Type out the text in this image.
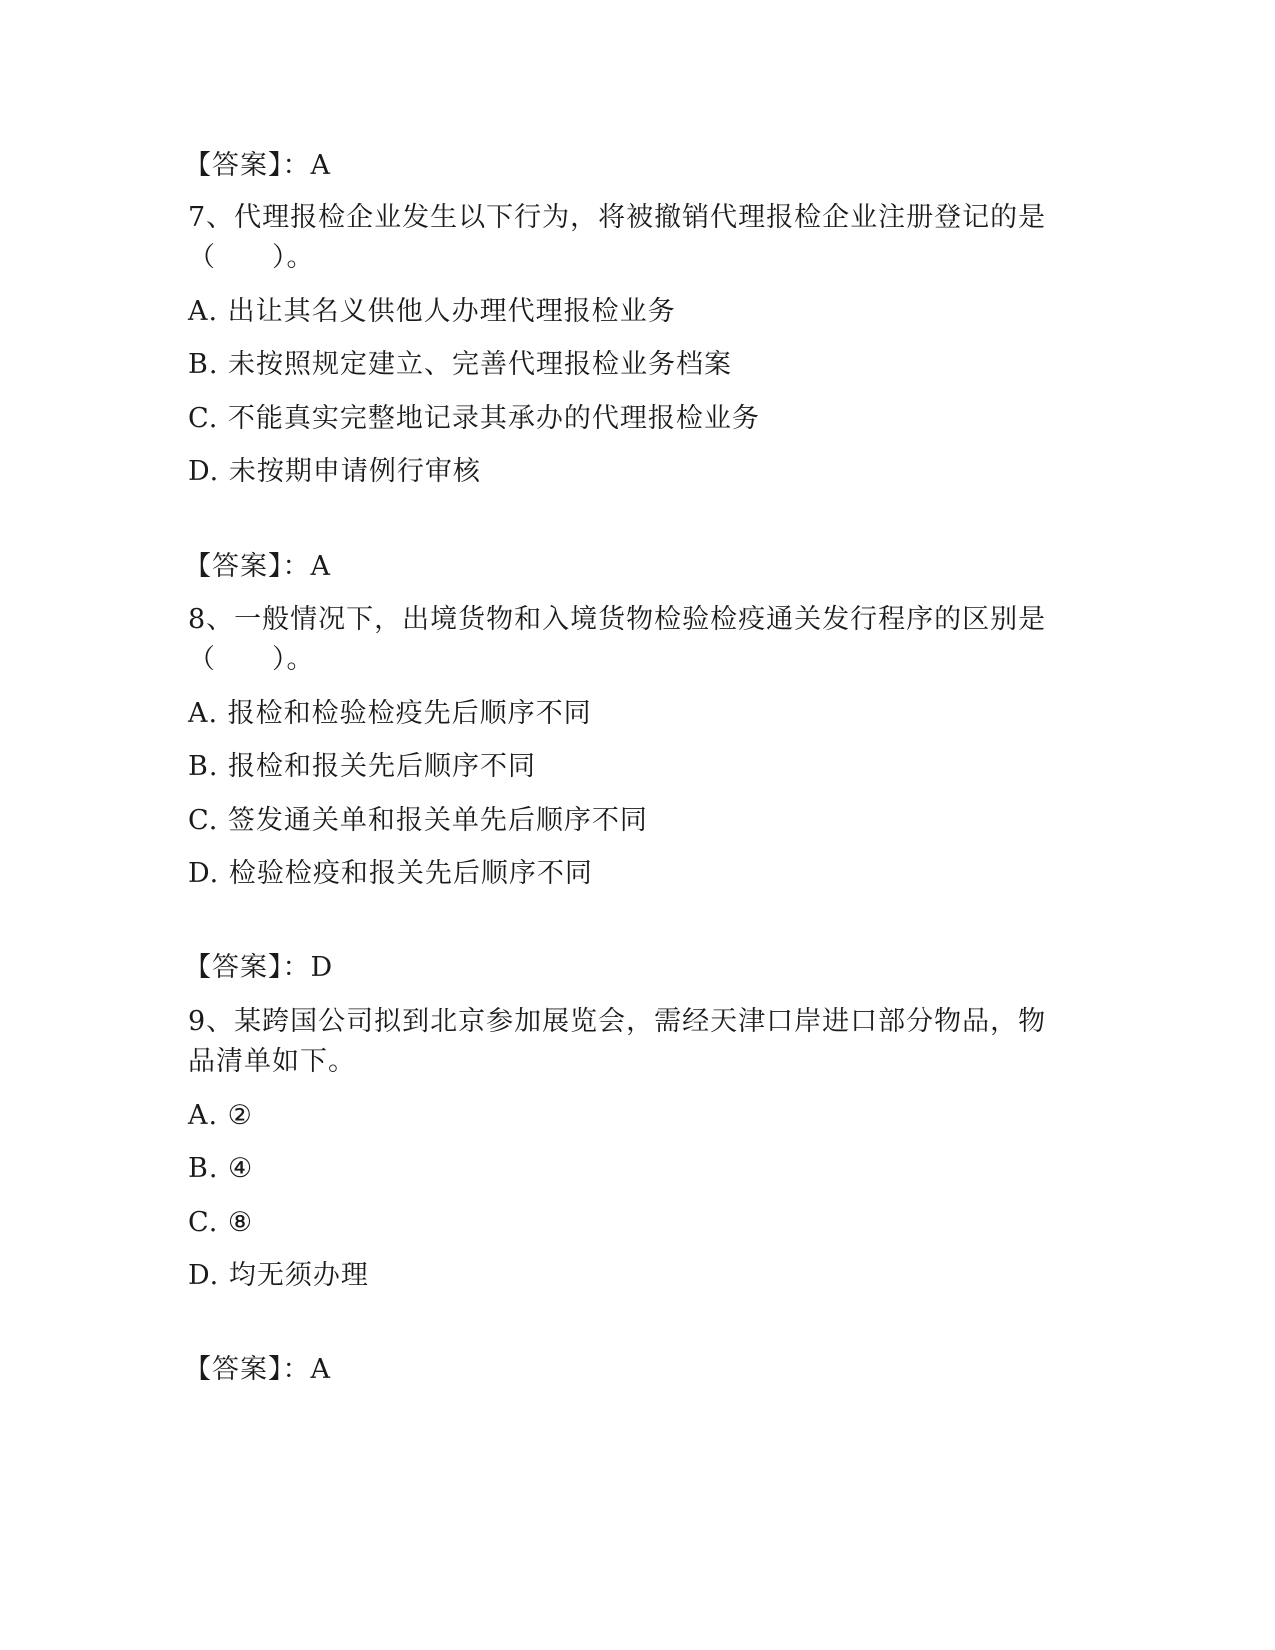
【答案】：A
7、代理报检企业发生以下行为，将被撤销代理报检企业注册登记的是
（　　）。
A. 出让其名义供他人办理代理报检业务
B. 未按照规定建立、完善代理报检业务档案
C. 不能真实完整地记录其承办的代理报检业务
D. 未按期申请例行审核
【答案】：A
8、一般情况下，出境货物和入境货物检验检疫通关发行程序的区别是
（　　）。
A. 报检和检验检疫先后顺序不同
B. 报检和报关先后顺序不同
C. 签发通关单和报关单先后顺序不同
D. 检验检疫和报关先后顺序不同
【答案】：D
9、某跨国公司拟到北京参加展览会，需经天津口岸进口部分物品，物
品清单如下。
A. ②
B. ④
C. ⑧
D. 均无须办理
【答案】：A
